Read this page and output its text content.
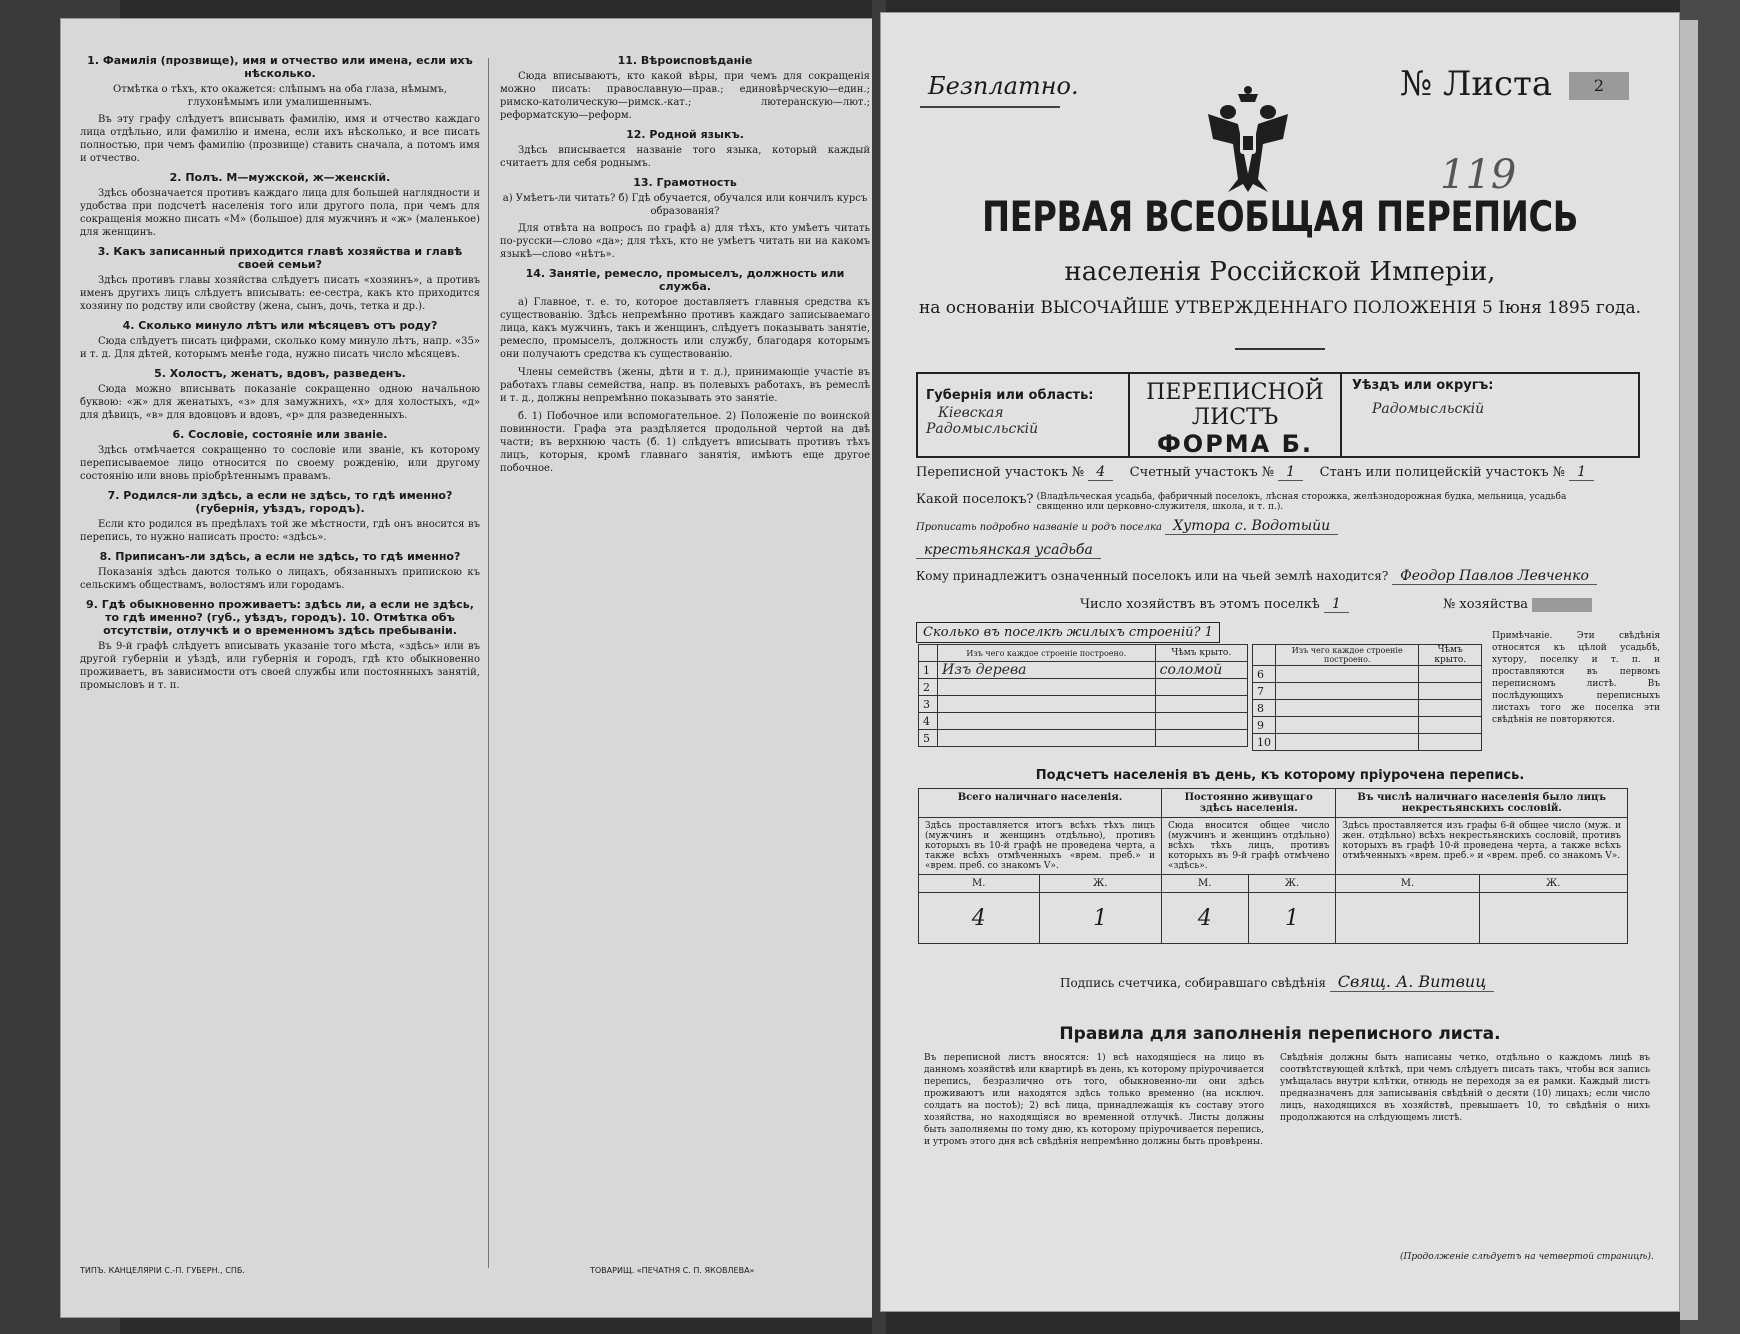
1. Фамилія (прозвище), имя и отчество или имена, если ихъ нѣсколько.
Отмѣтка о тѣхъ, кто окажется: слѣпымъ на оба глаза, нѣмымъ, глухонѣмымъ или умалишеннымъ.

Въ эту графу слѣдуетъ вписывать фамилію, имя и отчество каждаго лица отдѣльно, или фамилію и имена, если ихъ нѣсколько, и все писать полностью, при чемъ фамилію (прозвище) ставить сначала, а потомъ имя и отчество.

2. Полъ. М—мужской, ж—женскій.

Здѣсь обозначается противъ каждаго лица для большей наглядности и удобства при подсчетѣ населенія того или другого пола, при чемъ для сокращенія можно писать «М» (большое) для мужчинъ и «ж» (маленькое) для женщинъ.

3. Какъ записанный приходится главѣ хозяйства и главѣ своей семьи?

Здѣсь противъ главы хозяйства слѣдуетъ писать «хозяинъ», а противъ именъ другихъ лицъ слѣдуетъ вписывать: ее-сестра, какъ кто приходится хозяину по родству или свойству (жена, сынъ, дочь, тетка и др.).

4. Сколько минуло лѣтъ или мѣсяцевъ отъ роду?

Сюда слѣдуетъ писать цифрами, сколько кому минуло лѣтъ, напр. «35» и т. д. Для дѣтей, которымъ менѣе года, нужно писать число мѣсяцевъ.

5. Холостъ, женатъ, вдовъ, разведенъ.

Сюда можно вписывать показаніе сокращенно одною начальною буквою: «ж» для женатыхъ, «з» для замужнихъ, «х» для холостыхъ, «д» для дѣвицъ, «в» для вдовцовъ и вдовъ, «р» для разведенныхъ.

6. Сословіе, состояніе или званіе.

Здѣсь отмѣчается сокращенно то сословіе или званіе, къ которому переписываемое лицо относится по своему рожденію, или другому состоянію или вновь пріобрѣтеннымъ правамъ.

7. Родился-ли здѣсь, а если не здѣсь, то гдѣ именно? (губернія, уѣздъ, городъ).

Если кто родился въ предѣлахъ той же мѣстности, гдѣ онъ вносится въ перепись, то нужно написать просто: «здѣсь».

8. Приписанъ-ли здѣсь, а если не здѣсь, то гдѣ именно?

Показанія здѣсь даются только о лицахъ, обязанныхъ припискою къ сельскимъ обществамъ, волостямъ или городамъ.

9. Гдѣ обыкновенно проживаетъ: здѣсь ли, а если не здѣсь, то гдѣ именно? (губ., уѣздъ, городъ). 10. Отмѣтка объ отсутствіи, отлучкѣ и о временномъ здѣсь пребываніи.

Въ 9-й графѣ слѣдуетъ вписывать указаніе того мѣста, «здѣсь» или въ другой губерніи и уѣздѣ, или губернія и городъ, гдѣ кто обыкновенно проживаетъ, въ зависимости отъ своей службы или постоянныхъ занятій, промысловъ и т. п.

11. Вѣроисповѣданіе

Сюда вписываютъ, кто какой вѣры, при чемъ для сокращенія можно писать: православную—прав.; единовѣрческую—един.; римско-католическую—римск.-кат.; лютеранскую—лют.; реформатскую—реформ.

12. Родной языкъ.

Здѣсь вписывается названіе того языка, который каждый считаетъ для себя роднымъ.

13. Грамотность
а) Умѣетъ-ли читать? б) Гдѣ обучается, обучался или кончилъ курсъ образованія?

Для отвѣта на вопросъ по графѣ а) для тѣхъ, кто умѣетъ читать по-русски—слово «да»; для тѣхъ, кто не умѣетъ читать ни на какомъ языкѣ—слово «нѣтъ».

14. Занятіе, ремесло, промыселъ, должность или служба.

а) Главное, т. е. то, которое доставляетъ главныя средства къ существованію. Здѣсь непремѣнно противъ каждаго записываемаго лица, какъ мужчинъ, такъ и женщинъ, слѣдуетъ показывать занятіе, ремесло, промыселъ, должность или службу, благодаря которымъ они получаютъ средства къ существованію.

Члены семействъ (жены, дѣти и т. д.), принимающіе участіе въ работахъ главы семейства, напр. въ полевыхъ работахъ, въ ремеслѣ и т. д., должны непремѣнно показывать это занятіе.

б. 1) Побочное или вспомогательное. 2) Положеніе по воинской повинности. Графа эта раздѣляется продольной чертой на двѣ части; въ верхнюю часть (б. 1) слѣдуетъ вписывать противъ тѣхъ лицъ, которыя, кромѣ главнаго занятія, имѣютъ еще другое побочное.

ТИПЪ. КАНЦЕЛЯРІИ С.-П. ГУБЕРН., СПБ.	ТОВАРИЩ. «ПЕЧАТНЯ С. П. ЯКОВЛЕВА»
Безплатно.	№ Листа	2
119
ПЕРВАЯ ВСЕОБЩАЯ ПЕРЕПИСЬ
населенія Россійской Имперіи,
на основаніи ВЫСОЧАЙШЕ УТВЕРЖДЕННАГО ПОЛОЖЕНІЯ 5 Іюня 1895 года.
Губернія или область:
Кіевская
Радомысльскій
ПЕРЕПИСНОЙ ЛИСТЪ
ФОРМА Б.
Уѣздъ или округъ:
Радомысльскій
Переписной участокъ № 4 Счетный участокъ № 1 Станъ или полицейскій участокъ № 1
Какой поселокъ? (Владѣльческая усадьба, фабричный поселокъ, лѣсная сторожка, желѣзнодорожная будка, мельница, усадьба священно или церковно-служителя, школа, и т. п.).
Прописать подробно названіе и родъ поселка Хутора с. Водотыйи
крестьянская усадьба
Кому принадлежитъ означенный поселокъ или на чьей землѣ находится? Феодор Павлов Левченко
Число хозяйствъ въ этомъ поселкѣ 1	№ хозяйства
Сколько въ поселкѣ жилыхъ строеній? 1
	Изъ чего каждое строеніе построено.	Чѣмъ крыто.
1	Изъ дерева	соломой
2		
3		
4		
5		
	Изъ чего каждое строеніе построено.	Чѣмъ крыто.
6		
7		
8		
9		
10		
Примѣчаніе. Эти свѣдѣнія относятся къ цѣлой усадьбѣ, хутору, поселку и т. п. и проставляются въ первомъ переписномъ листѣ. Въ послѣдующихъ переписныхъ листахъ того же поселка эти свѣдѣнія не повторяются.
Подсчетъ населенія въ день, къ которому пріурочена перепись.
Всего наличнаго населенія.		Постоянно живущаго здѣсь населенія.		Въ числѣ наличнаго населенія было лицъ некрестьянскихъ сословій.	
Здѣсь проставляется итогъ всѣхъ тѣхъ лицъ (мужчинъ и женщинъ отдѣльно), противъ которыхъ въ 10-й графѣ не проведена черта, а также всѣхъ отмѣченныхъ «врем. преб.» и «врем. преб. со знакомъ V».		Сюда вносится общее число (мужчинъ и женщинъ отдѣльно) всѣхъ тѣхъ лицъ, противъ которыхъ въ 9-й графѣ отмѣчено «здѣсь».		Здѣсь проставляется изъ графы 6-й общее число (муж. и жен. отдѣльно) всѣхъ некрестьянскихъ сословій, противъ которыхъ въ графѣ 10-й проведена черта, а также всѣхъ отмѣченныхъ «врем. преб.» и «врем. преб. со знакомъ V».	
М.	Ж.	М.	Ж.	М.	Ж.
4	1	4	1		
Подпись счетчика, собиравшаго свѣдѣнія Свящ. А. Витвиц
Правила для заполненія переписного листа.
Въ переписной листъ вносятся: 1) всѣ находящіеся на лицо въ данномъ хозяйствѣ или квартирѣ въ день, къ которому пріурочивается перепись, безразлично отъ того, обыкновенно-ли они здѣсь проживаютъ или находятся здѣсь только временно (на исключ. солдатъ на постоѣ); 2) всѣ лица, принадлежащія къ составу этого хозяйства, но находящіяся во временной отлучкѣ. Листы должны быть заполняемы по тому дню, къ которому пріурочивается перепись, и утромъ этого дня всѣ свѣдѣнія непремѣнно должны быть провѣрены.
Свѣдѣнія должны быть написаны четко, отдѣльно о каждомъ лицѣ въ соотвѣтствующей клѣткѣ, при чемъ слѣдуетъ писать такъ, чтобы вся запись умѣщалась внутри клѣтки, отнюдь не переходя за ея рамки. Каждый листъ предназначенъ для записыванія свѣдѣній о десяти (10) лицахъ; если число лицъ, находящихся въ хозяйствѣ, превышаетъ 10, то свѣдѣнія о нихъ продолжаются на слѣдующемъ листѣ.
(Продолженіе слѣдуетъ на четвертой страницѣ).
